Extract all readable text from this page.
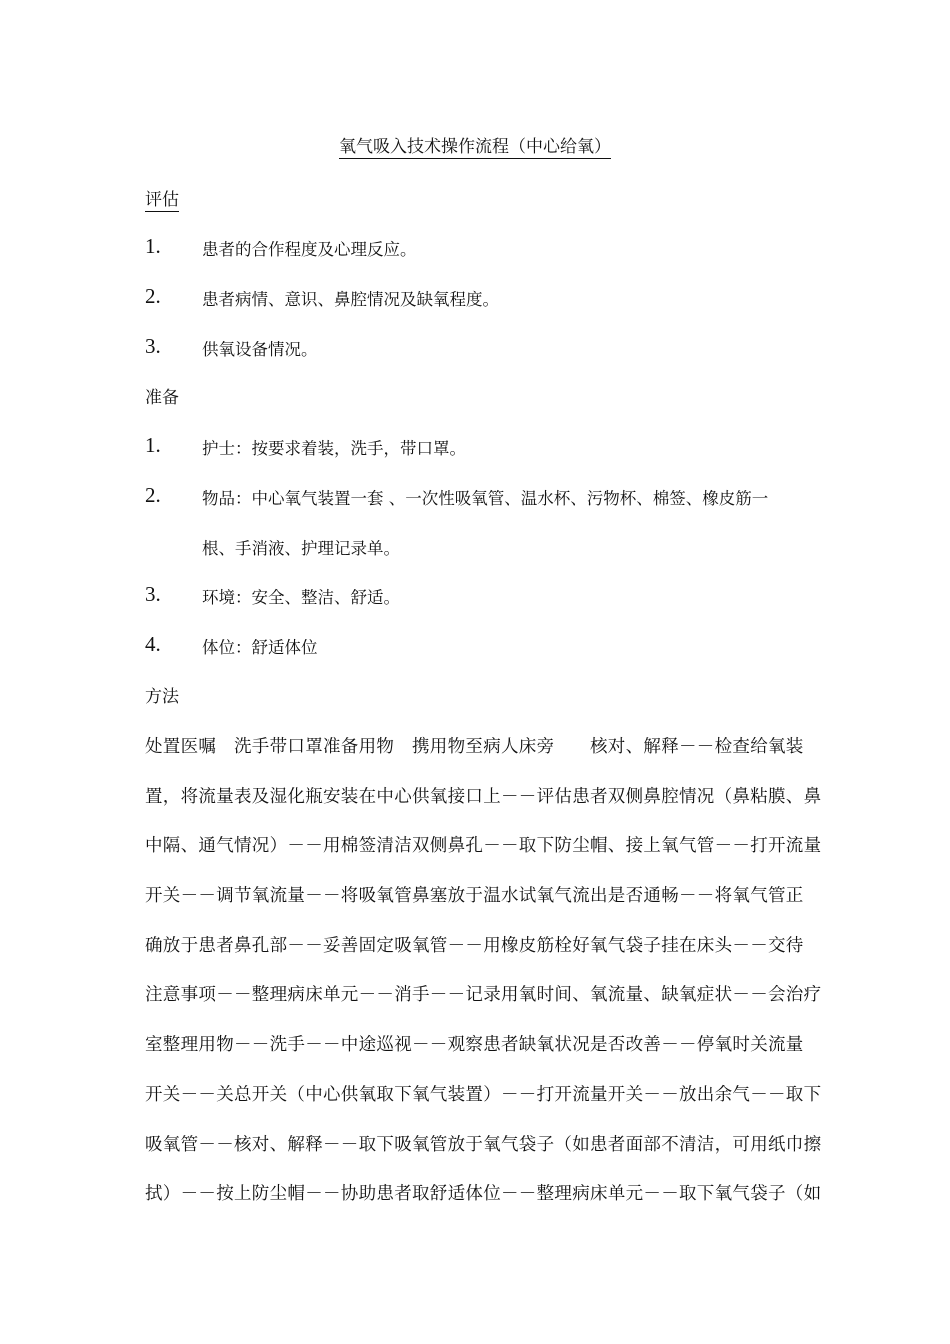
氧气吸入技术操作流程（中心给氧）
评估
1.	患者的合作程度及心理反应。
2.	患者病情、意识、鼻腔情况及缺氧程度。
3.	供氧设备情况。
准备
1.	护士：按要求着装，洗手，带口罩。
2.	物品：中心氧气装置一套 、一次性吸氧管、温水杯、污物杯、棉签、橡皮筋一
根、手消液、护理记录单。
3.	环境：安全、整洁、舒适。
4.	体位：舒适体位
方法
处置医嘱　洗手带口罩准备用物　携用物至病人床旁　　核对、解释－－检查给氧装
置，将流量表及湿化瓶安装在中心供氧接口上－－评估患者双侧鼻腔情况（鼻粘膜、鼻
中隔、通气情况）－－用棉签清洁双侧鼻孔－－取下防尘帽、接上氧气管－－打开流量
开关－－调节氧流量－－将吸氧管鼻塞放于温水试氧气流出是否通畅－－将氧气管正
确放于患者鼻孔部－－妥善固定吸氧管－－用橡皮筋栓好氧气袋子挂在床头－－交待
注意事项－－整理病床单元－－消手－－记录用氧时间、氧流量、缺氧症状－－会治疗
室整理用物－－洗手－－中途巡视－－观察患者缺氧状况是否改善－－停氧时关流量
开关－－关总开关（中心供氧取下氧气装置）－－打开流量开关－－放出余气－－取下
吸氧管－－核对、解释－－取下吸氧管放于氧气袋子（如患者面部不清洁，可用纸巾擦
拭）－－按上防尘帽－－协助患者取舒适体位－－整理病床单元－－取下氧气袋子（如
